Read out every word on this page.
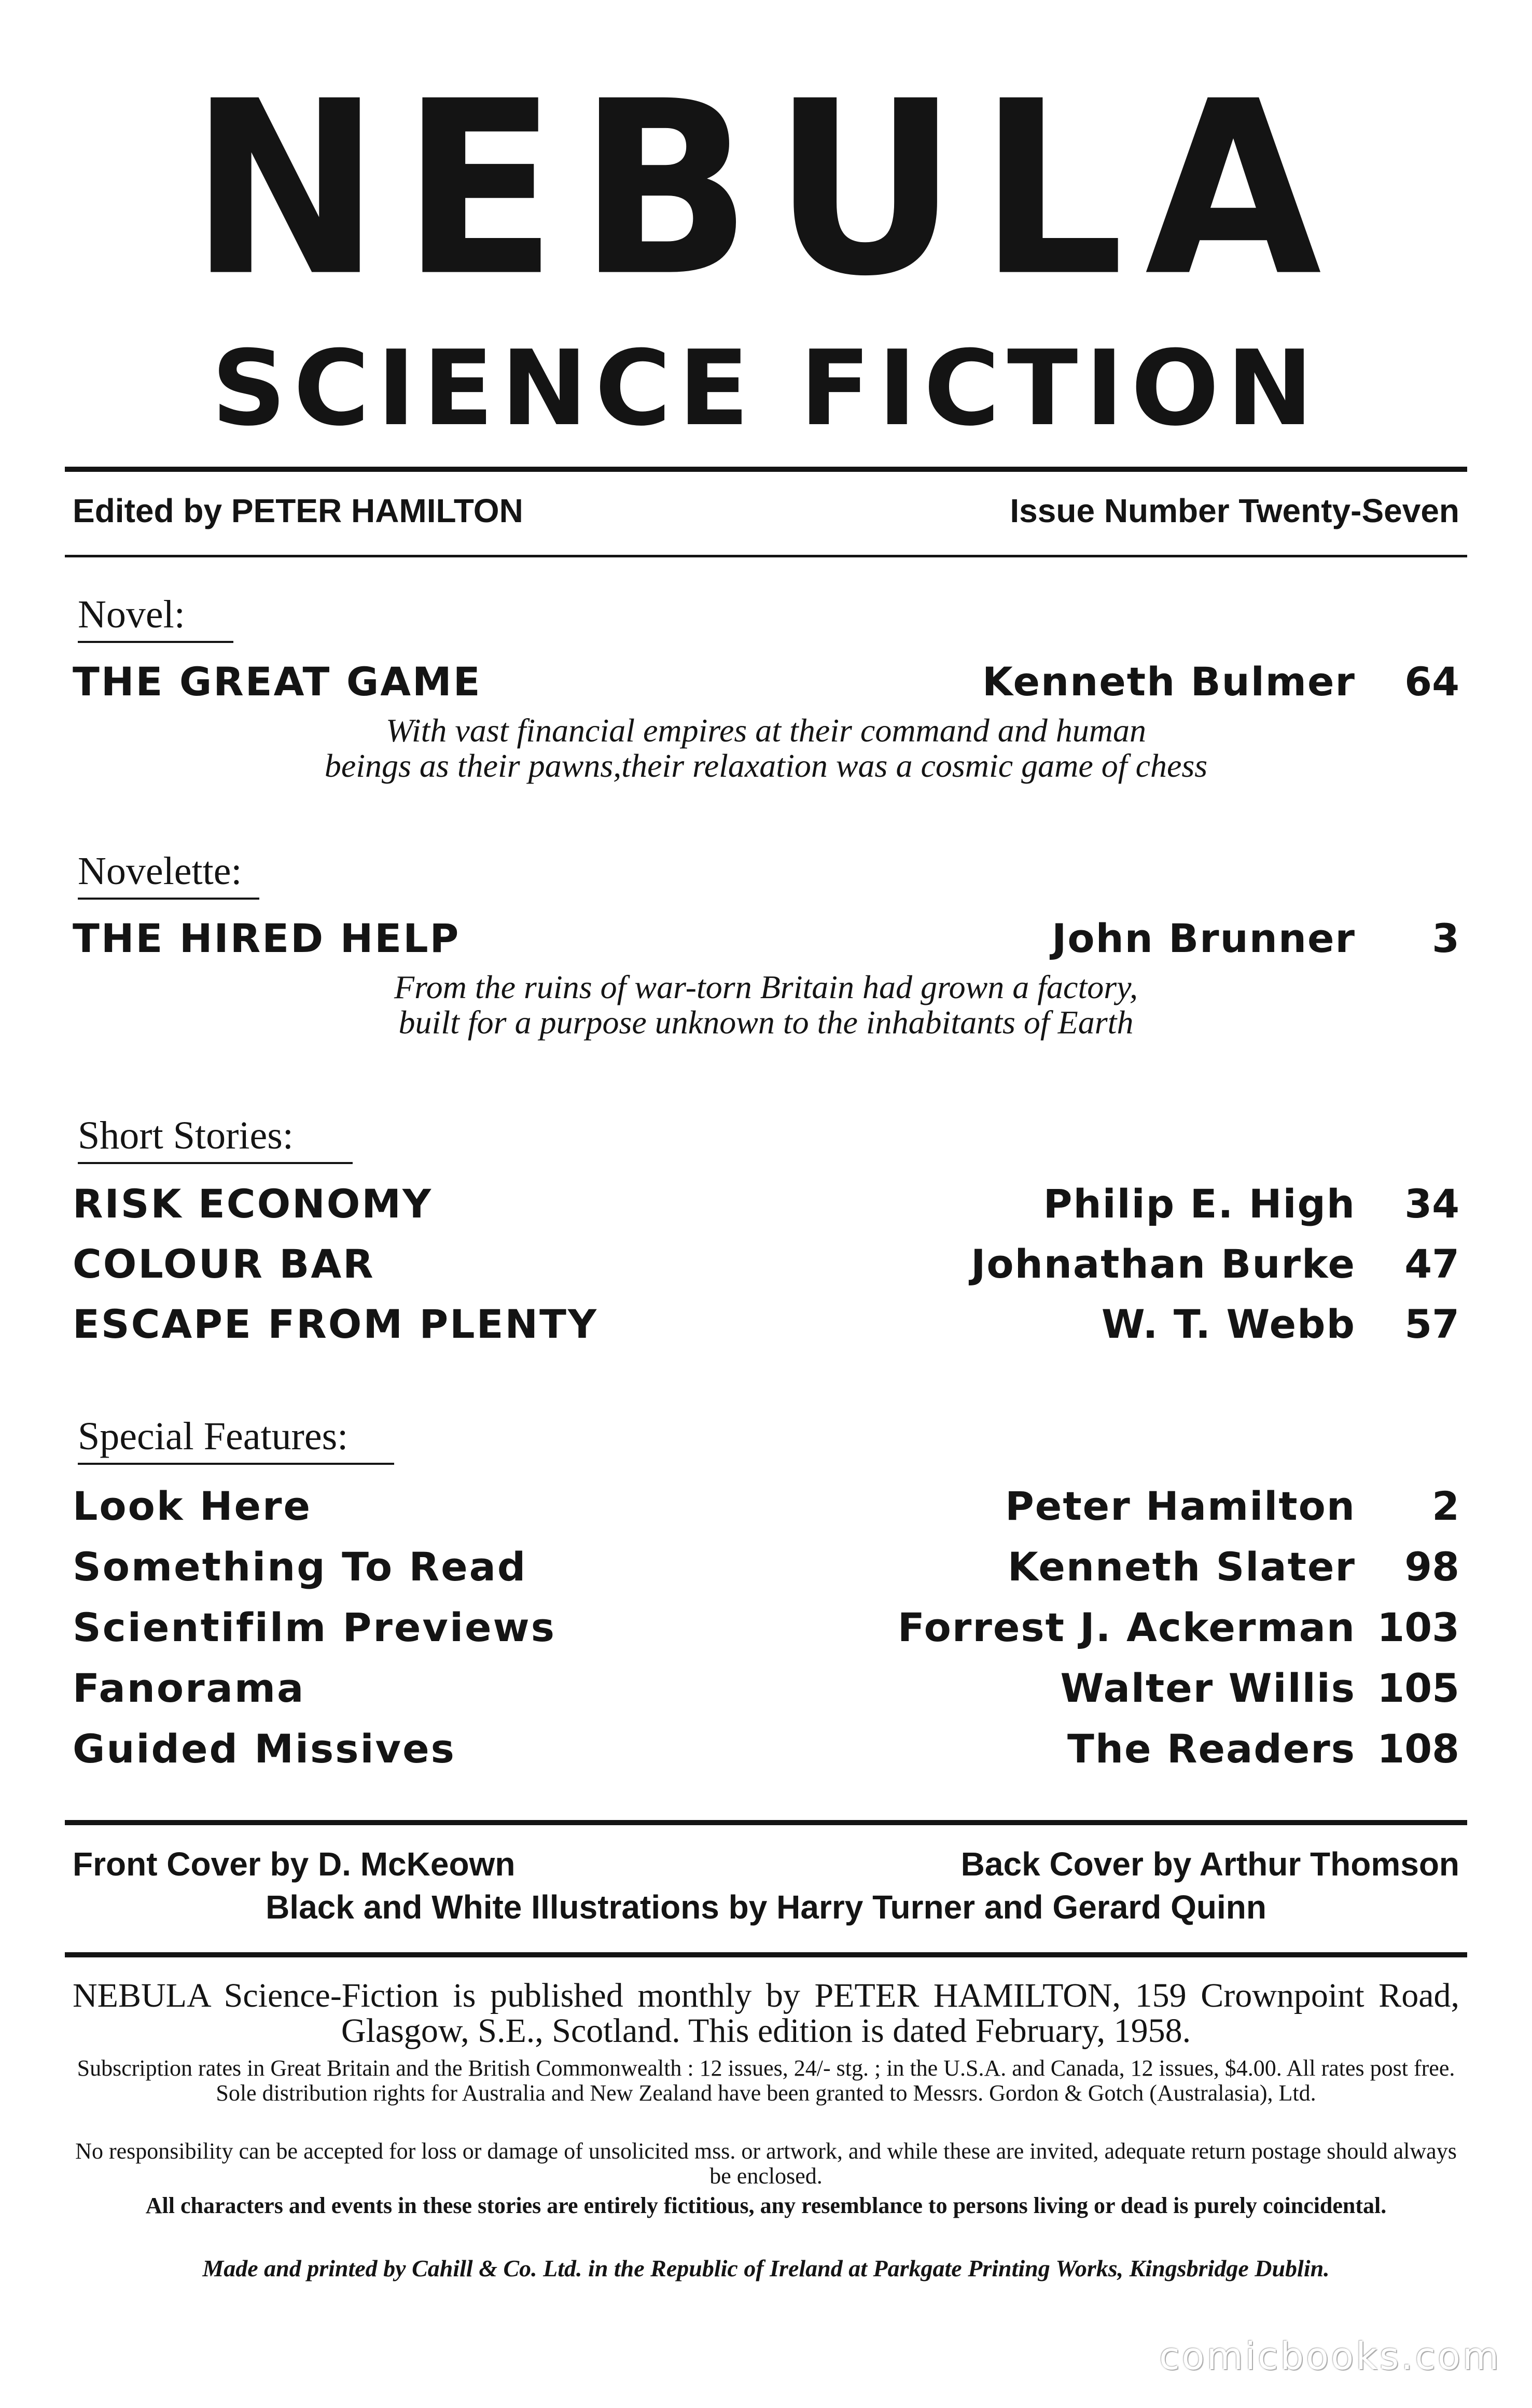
NEBULA
SCIENCE FICTION
Edited by PETER HAMILTON	Issue Number Twenty-Seven
Novel:
THE GREAT GAME	Kenneth Bulmer	64
With vast financial empires at their command and human
beings as their pawns,their relaxation was a cosmic game of chess
Novelette:
THE HIRED HELP	John Brunner	3
From the ruins of war-torn Britain had grown a factory,
built for a purpose unknown to the inhabitants of Earth
Short Stories:
RISK ECONOMY	Philip E. High	34
COLOUR BAR	Johnathan Burke	47
ESCAPE FROM PLENTY	W. T. Webb	57
Special Features:
Look Here	Peter Hamilton	2
Something To Read	Kenneth Slater	98
Scientifilm Previews	Forrest J. Ackerman 103
Fanorama	Walter Willis 105
Guided Missives	The Readers 108
Front Cover by D. McKeown	Back Cover by Arthur Thomson
Black and White Illustrations by Harry Turner and Gerard Quinn
NEBULA Science-Fiction is published monthly by PETER HAMILTON, 159 Crownpoint Road, Glasgow, S.E., Scotland. This edition is dated February, 1958.
Subscription rates in Great Britain and the British Commonwealth : 12 issues, 24/- stg. ; in the U.S.A. and Canada, 12 issues, $4.00. All rates post free. Sole distribution rights for Australia and New Zealand have been granted to Messrs. Gordon & Gotch (Australasia), Ltd.
No responsibility can be accepted for loss or damage of unsolicited mss. or artwork, and while these are invited, adequate return postage should always be enclosed.
All characters and events in these stories are entirely fictitious, any resemblance to persons living or dead is purely coincidental.
Made and printed by Cahill & Co. Ltd. in the Republic of Ireland at Parkgate Printing Works, Kingsbridge Dublin.
comicbooks.com
